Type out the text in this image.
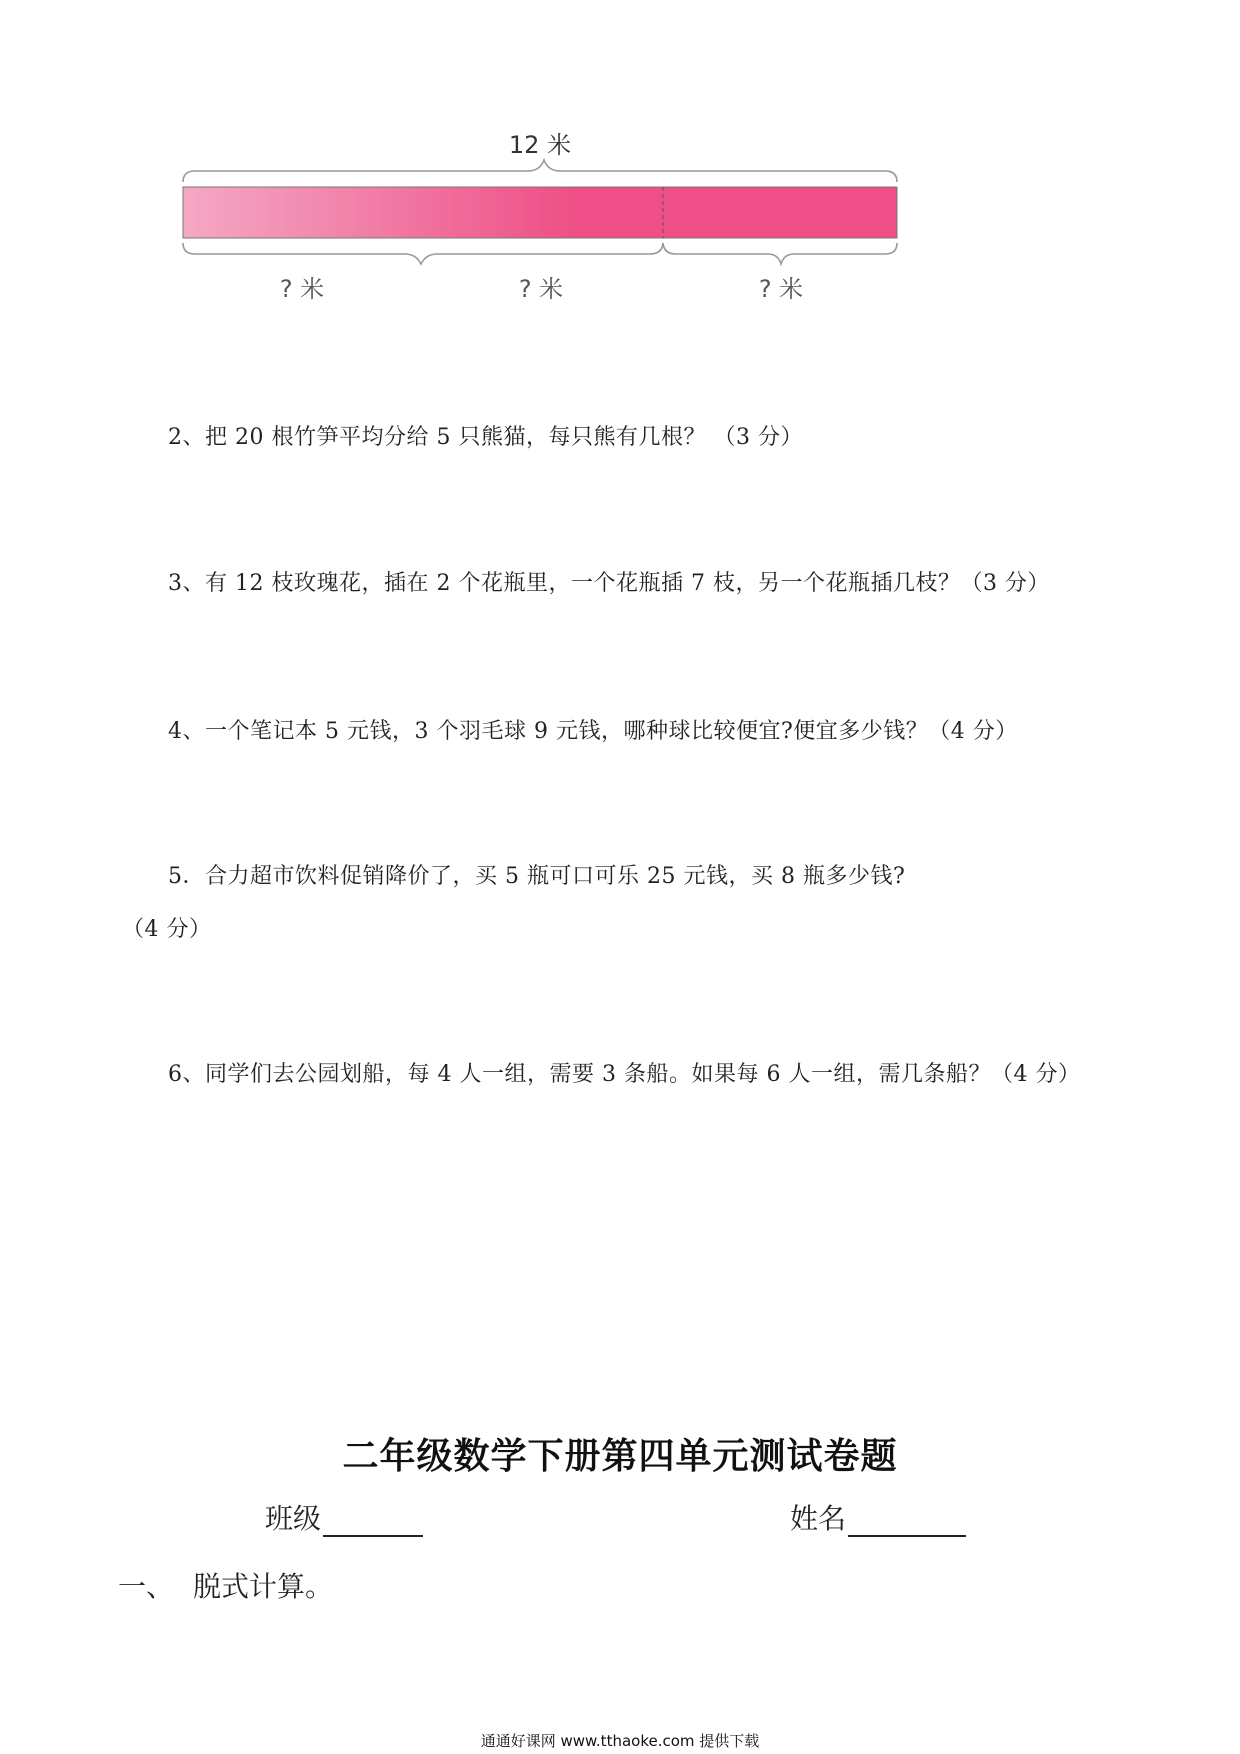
12 米
? 米	? 米	? 米
2、把 20 根竹笋平均分给 5 只熊猫，每只熊有几根？ （3 分）
3、有 12 枝玫瑰花，插在 2 个花瓶里，一个花瓶插 7 枝，另一个花瓶插几枝？（3 分）
4、一个笔记本 5 元钱，3 个羽毛球 9 元钱，哪种球比较便宜?便宜多少钱？（4 分）
5．合力超市饮料促销降价了，买 5 瓶可口可乐 25 元钱，买 8 瓶多少钱?
（4 分）
6、同学们去公园划船，每 4 人一组，需要 3 条船。如果每 6 人一组，需几条船？（4 分）
二年级数学下册第四单元测试卷题
班级	姓名
一、 脱式计算。
通通好课网 www.tthaoke.com 提供下载
